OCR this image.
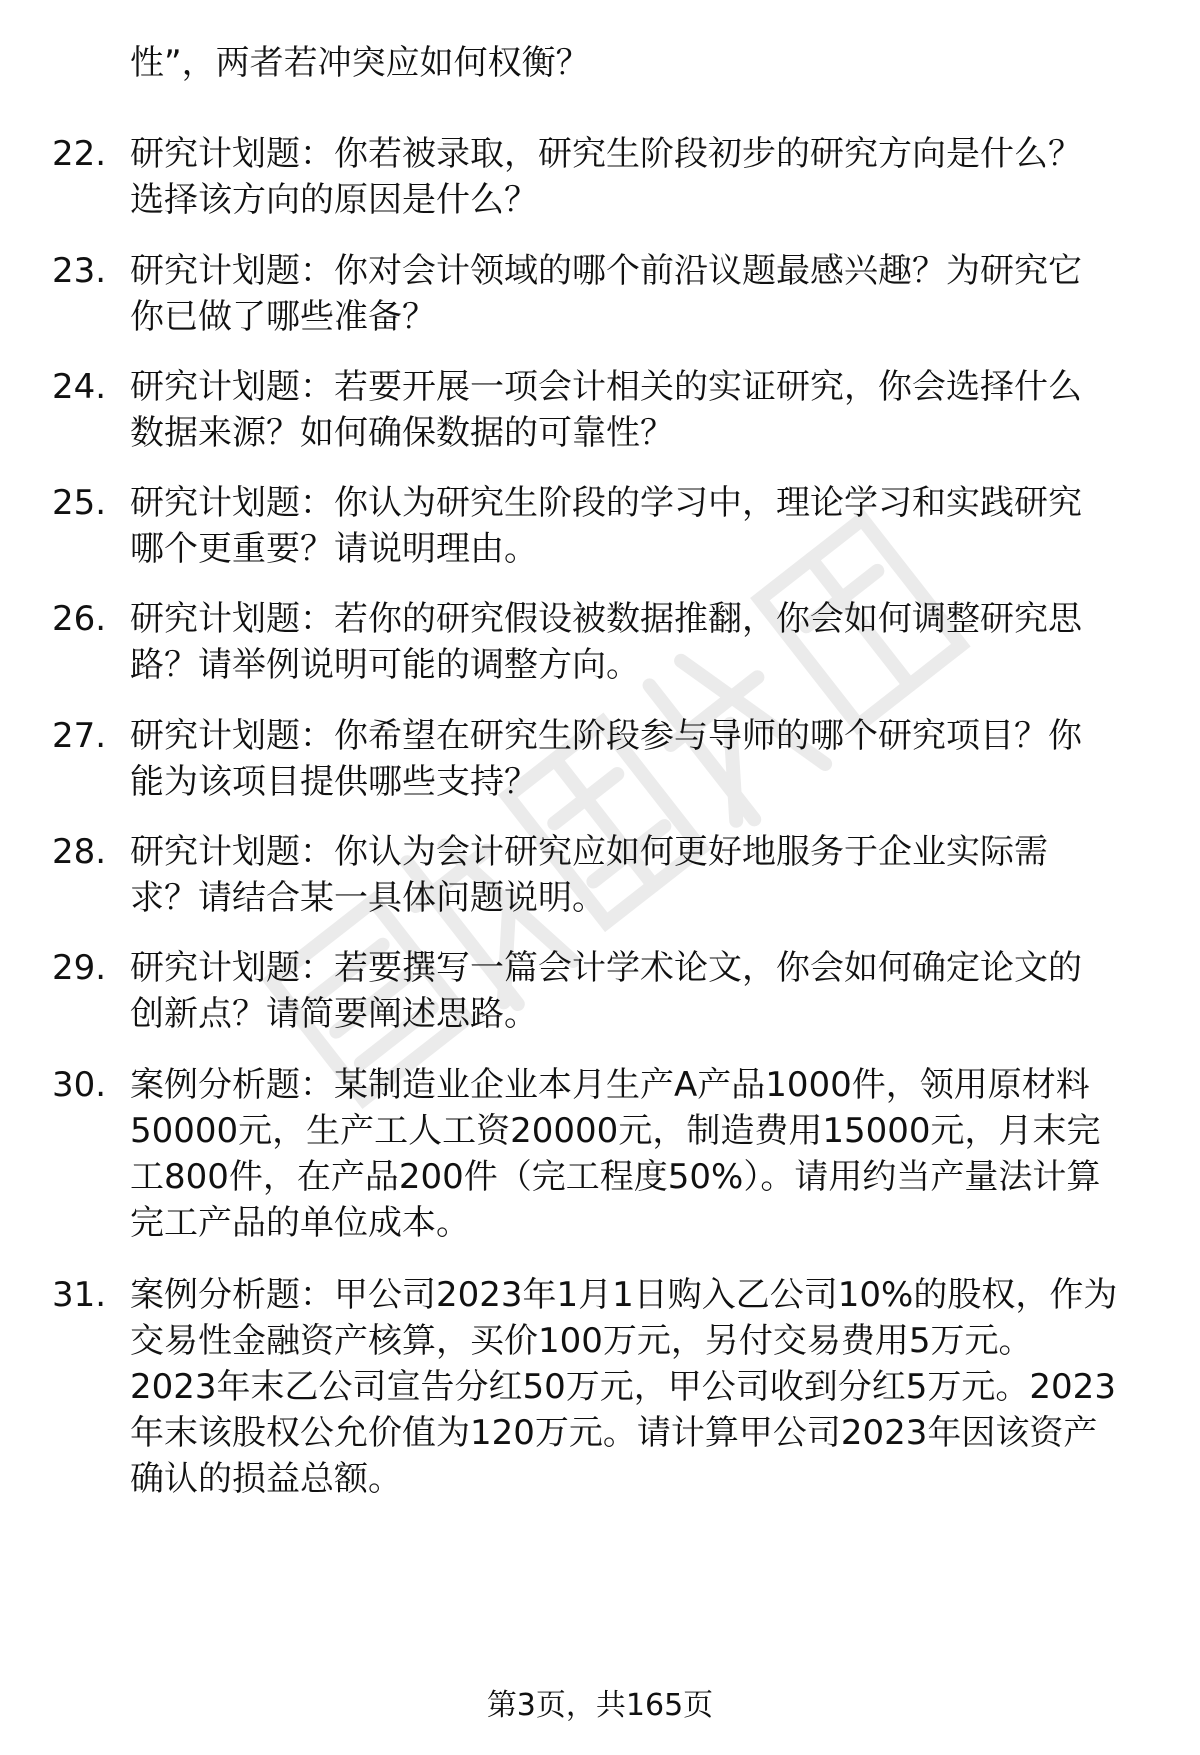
性”，两者若冲突应如何权衡？
22. 研究计划题：你若被录取，研究生阶段初步的研究方向是什么？
选择该方向的原因是什么？
23. 研究计划题：你对会计领域的哪个前沿议题最感兴趣？为研究它
你已做了哪些准备？
24. 研究计划题：若要开展一项会计相关的实证研究，你会选择什么
数据来源？如何确保数据的可靠性？
25. 研究计划题：你认为研究生阶段的学习中，理论学习和实践研究
哪个更重要？请说明理由。
26. 研究计划题：若你的研究假设被数据推翻，你会如何调整研究思
路？请举例说明可能的调整方向。
27. 研究计划题：你希望在研究生阶段参与导师的哪个研究项目？你
能为该项目提供哪些支持？
28. 研究计划题：你认为会计研究应如何更好地服务于企业实际需
求？请结合某一具体问题说明。
29. 研究计划题：若要撰写一篇会计学术论文，你会如何确定论文的
创新点？请简要阐述思路。
30. 案例分析题：某制造业企业本月生产A产品1000件，领用原材料
50000元，生产工人工资20000元，制造费用15000元，月末完
工800件，在产品200件（完工程度50%）。请用约当产量法计算
完工产品的单位成本。
31. 案例分析题：甲公司2023年1月1日购入乙公司10%的股权，作为
交易性金融资产核算，买价100万元，另付交易费用5万元。
2023年末乙公司宣告分红50万元，甲公司收到分红5万元。2023
年末该股权公允价值为120万元。请计算甲公司2023年因该资产
确认的损益总额。
第3页，共165页
